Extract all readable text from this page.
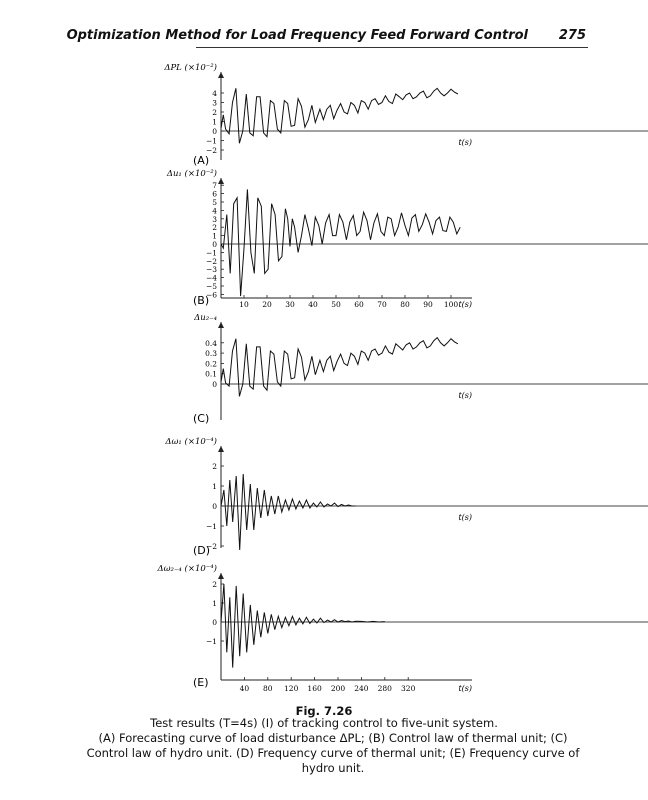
Optimization Method for Load Frequency Feed Forward Control 275
ΔPL (×10⁻²)
t(s)
4
3
2
1
0
−1
−2
(A)
Δu₁ (×10⁻²)
t(s)
7
6
5
4
3
2
1
0
−1
−2
−3
−4
−5
−6
10 20 30 40 50 60 70 80 90 100
(B)
Δu₂₋₄
t(s)
0.4
0.3
0.2
0.1
0
(C)
Δω₁ (×10⁻⁴)
t(s)
2
1
0
−1
−2
(D)
Δω₂₋₄ (×10⁻⁴)
t(s)
2
1
0
−1
40 80 120 160 200 240 280 320
(E)
Fig. 7.26
Test results (T=4s) (I) of tracking control to five-unit system.
(A) Forecasting curve of load disturbance ΔPL; (B) Control law of thermal unit; (C) Control law of hydro unit. (D) Frequency curve of thermal unit; (E) Frequency curve of hydro unit.
